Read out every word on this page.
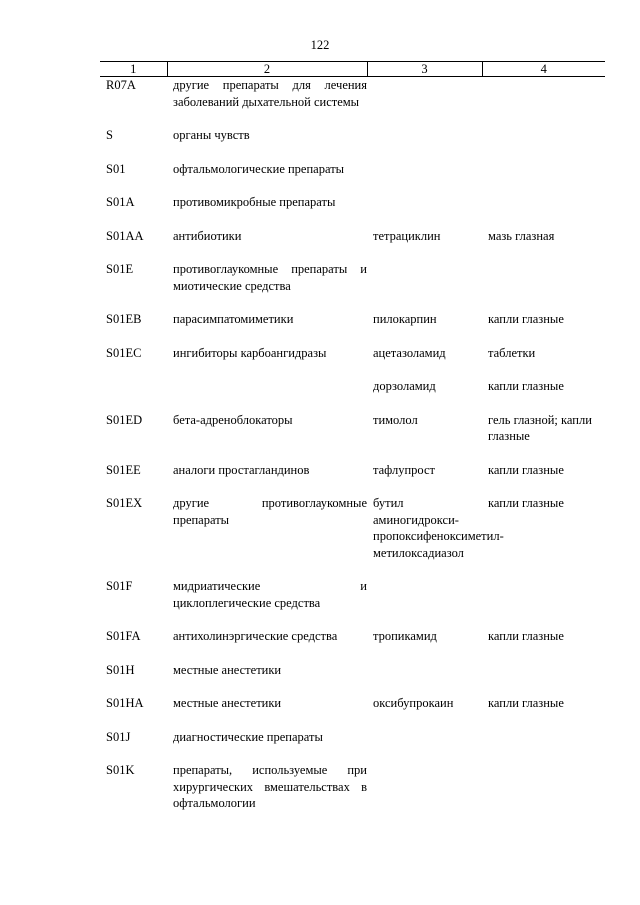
122
1	2	3	4
R07A	другие препараты для лечения заболеваний дыхательной системы		

S	органы чувств		

S01	офтальмологические препараты		

S01A	противомикробные препараты		

S01AA	антибиотики	тетрациклин	мазь глазная

S01E	противоглаукомные препараты и миотические средства		

S01EB	парасимпатомиметики	пилокарпин	капли глазные

S01EC	ингибиторы карбоангидразы	ацетазоламид	таблетки

		дорзоламид	капли глазные

S01ED	бета-адреноблокаторы	тимолол	гель глазной; капли глазные

S01EE	аналоги простагландинов	тафлупрост	капли глазные

S01EX	другие противоглаукомные препараты	бутил аминогидрокси-пропоксифеноксиметил-метилоксадиазол	капли глазные

S01F	мидриатические и циклоплегические средства		

S01FA	антихолинэргические средства	тропикамид	капли глазные

S01H	местные анестетики		

S01HA	местные анестетики	оксибупрокаин	капли глазные

S01J	диагностические препараты		

S01K	препараты, используемые при хирургических вмешательствах в офтальмологии		
